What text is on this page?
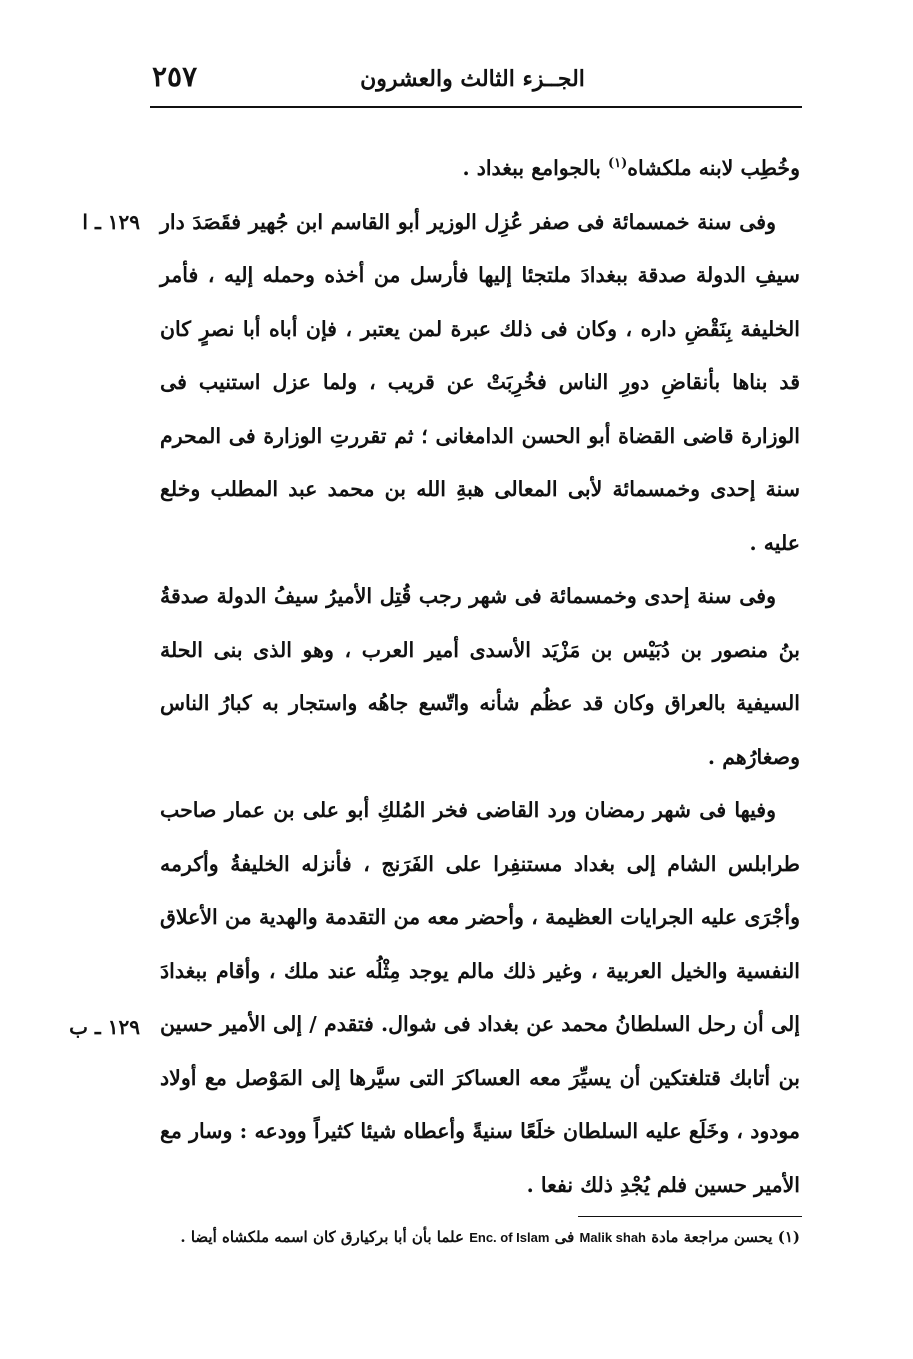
٢٥٧	الجــزء الثالث والعشرون
١٢٩ ـ ا
١٢٩ ـ ب

وخُطِب لابنه ملكشاه$^{(١)}$ بالجوامع ببغداد .

وفى سنة خمسمائة فى صفر عُزِل الوزير أبو القاسم ابن جُهير فقَصَدَ دار سيفِ الدولة صدقة ببغدادَ ملتجئا إليها فأرسل من أخذه وحمله إليه ، فأمر الخليفة بِنَقْضِ داره ، وكان فى ذلك عبرة لمن يعتبر ، فإن أباه أبا نصرٍ كان قد بناها بأنقاضِ دورِ الناس فخُرِبَتْ عن قريب ، ولما عزل استنيب فى الوزارة قاضى القضاة أبو الحسن الدامغانى ؛ ثم تقررتِ الوزارة فى المحرم سنة إحدى وخمسمائة لأبى المعالى هبةِ الله بن محمد عبد المطلب وخلع عليه .

وفى سنة إحدى وخمسمائة فى شهر رجب قُتِل الأميرُ سيفُ الدولة صدقةُ بنُ منصور بن دُبَيْس بن مَزْيَد الأسدى أمير العرب ، وهو الذى بنى الحلة السيفية بالعراق وكان قد عظُم شأنه واتّسع جاهُه واستجار به كبارُ الناس وصغارُهم .

وفيها فى شهر رمضان ورد القاضى فخر المُلكِ أبو على بن عمار صاحب طرابلس الشام إلى بغداد مستنفِرا على الفَرَنج ، فأنزله الخليفةُ وأكرمه وأجْرَى عليه الجرايات العظيمة ، وأحضر معه من التقدمة والهدية من الأعلاق النفسية والخيل العربية ، وغير ذلك مالم يوجد مِثْلُه عند ملك ، وأقام ببغدادَ إلى أن رحل السلطانُ محمد عن بغداد فى شوال. فتقدم / إلى الأمير حسين بن أتابك قتلغتكين أن يسيِّرَ معه العساكرَ التى سيَّرها إلى المَوْصل مع أولاد مودود ، وخَلَع عليه السلطان خلَعًا سنيةً وأعطاه شيئا كثيراً وودعه : وسار مع الأمير حسين فلم يُجْدِ ذلك نفعا .

(١) يحسن مراجعة مادة Malik shah فى Enc. of Islam علما بأن أبا بركيارق كان اسمه ملكشاه أيضا .
